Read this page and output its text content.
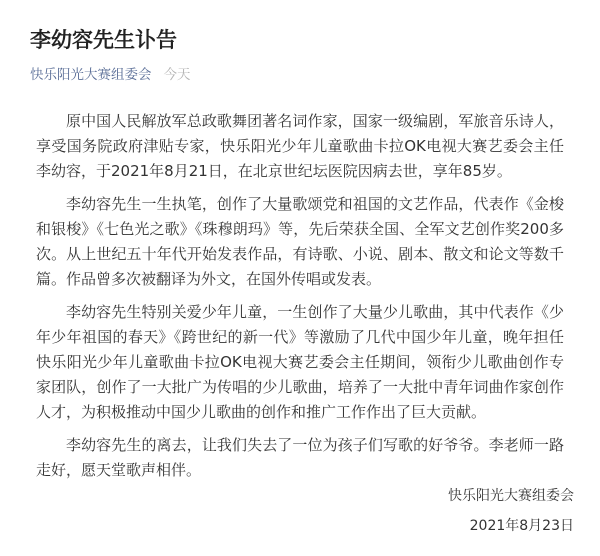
李幼容先生讣告
快乐阳光大赛组委会 今天

原中国人民解放军总政歌舞团著名词作家，国家一级编剧，军旅音乐诗人，享受国务院政府津贴专家，快乐阳光少年儿童歌曲卡拉OK电视大赛艺委会主任李幼容，于2021年8月21日，在北京世纪坛医院因病去世，享年85岁。

李幼容先生一生执笔，创作了大量歌颂党和祖国的文艺作品，代表作《金梭和银梭》《七色光之歌》《珠穆朗玛》等，先后荣获全国、全军文艺创作奖200多次。从上世纪五十年代开始发表作品，有诗歌、小说、剧本、散文和论文等数千篇。作品曾多次被翻译为外文，在国外传唱或发表。

李幼容先生特别关爱少年儿童，一生创作了大量少儿歌曲，其中代表作《少年少年祖国的春天》《跨世纪的新一代》等激励了几代中国少年儿童，晚年担任快乐阳光少年儿童歌曲卡拉OK电视大赛艺委会主任期间，领衔少儿歌曲创作专家团队，创作了一大批广为传唱的少儿歌曲，培养了一大批中青年词曲作家创作人才，为积极推动中国少儿歌曲的创作和推广工作作出了巨大贡献。

李幼容先生的离去，让我们失去了一位为孩子们写歌的好爷爷。李老师一路走好，愿天堂歌声相伴。

快乐阳光大赛组委会
2021年8月23日
